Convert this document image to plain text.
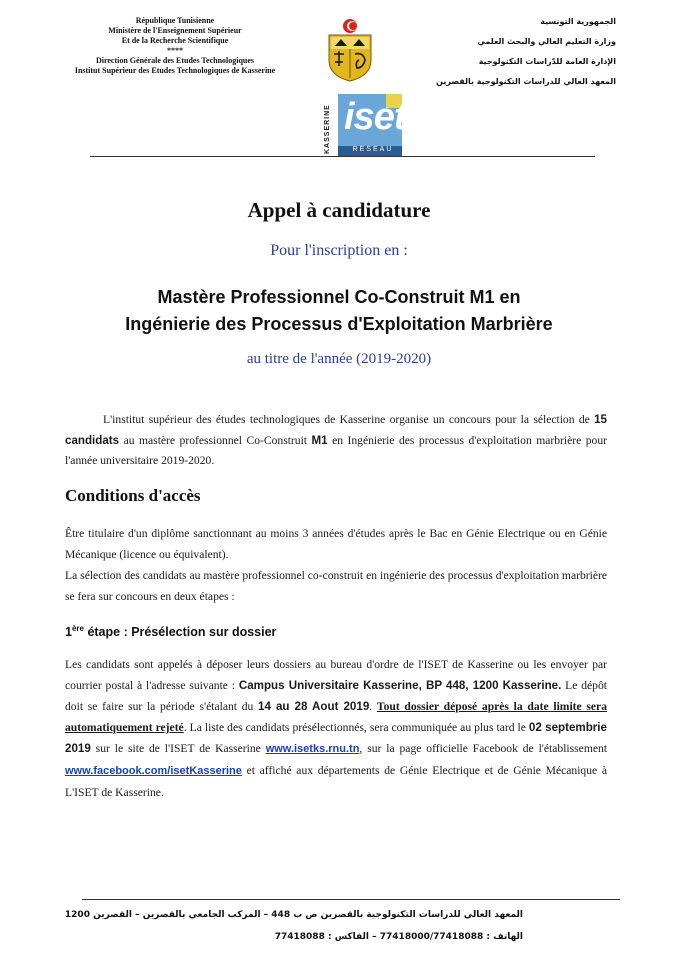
République Tunisienne
Ministère de l'Enseignement Supérieur
Et de la Recherche Scientifique
****
Direction Générale des Etudes Technologiques
Institut Supérieur des Etudes Technologiques de Kasserine
KASSERINE iset
RESEAU
الجمهورية التونسية
وزارة التعليم العالي والبحث العلمي
الإدارة العامة للدّراسات التكنولوجية
المعهد العالي للدراسات التكنولوجية بالقصرين
Appel à candidature
Pour l'inscription en :
Mastère Professionnel Co-Construit M1 en
Ingénierie des Processus d'Exploitation Marbrière
au titre de l'année (2019-2020)
L'institut supérieur des études technologiques de Kasserine organise un concours pour la sélection de 15 candidats au mastère professionnel Co-Construit M1 en Ingénierie des processus d'exploitation marbrière pour l'année universitaire 2019-2020.
Conditions d'accès
Être titulaire d'un diplôme sanctionnant au moins 3 années d'études après le Bac en Génie Electrique ou en Génie Mécanique (licence ou équivalent).
La sélection des candidats au mastère professionnel co-construit en ingénierie des processus d'exploitation marbrière se fera sur concours en deux étapes :
1ère étape : Présélection sur dossier
Les candidats sont appelés à déposer leurs dossiers au bureau d'ordre de l'ISET de Kasserine ou les envoyer par courrier postal à l'adresse suivante : Campus Universitaire Kasserine, BP 448, 1200 Kasserine. Le dépôt doit se faire sur la période s'étalant du 14 au 28 Aout 2019. Tout dossier déposé après la date limite sera automatiquement rejeté. La liste des candidats présélectionnés, sera communiquée au plus tard le 02 septembrie 2019 sur le site de l'ISET de Kasserine www.isetks.rnu.tn, sur la page officielle Facebook de l'établissement www.facebook.com/isetKasserine et affiché aux départements de Génie Electrique et de Génie Mécanique à L'ISET de Kasserine.
المعهد العالي للدراسات التكنولوجية بالقصرين ص ب 448 – المركب الجامعي بالقصرين – القصرين 1200
الهاتف : 77418000/77418088 – الفاكس : 77418088
